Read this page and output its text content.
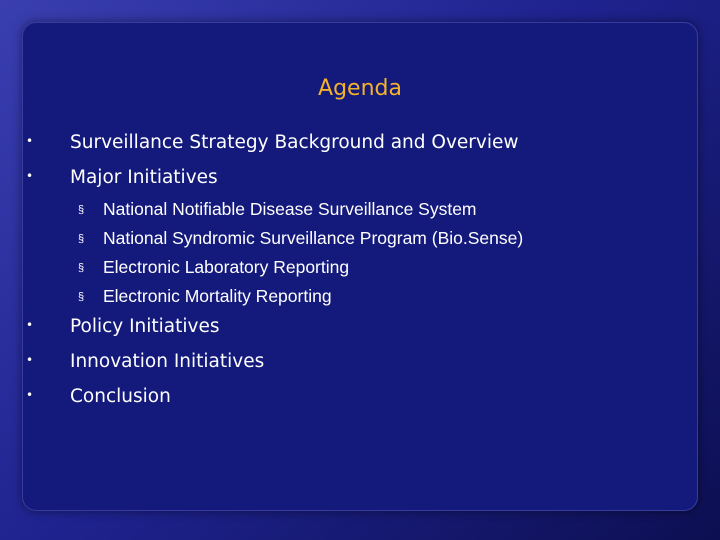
Agenda
• Surveillance Strategy Background and Overview
• Major Initiatives
§ National Notifiable Disease Surveillance System
§ National Syndromic Surveillance Program (Bio.Sense)
§ Electronic Laboratory Reporting
§ Electronic Mortality Reporting
• Policy Initiatives
• Innovation Initiatives
• Conclusion
